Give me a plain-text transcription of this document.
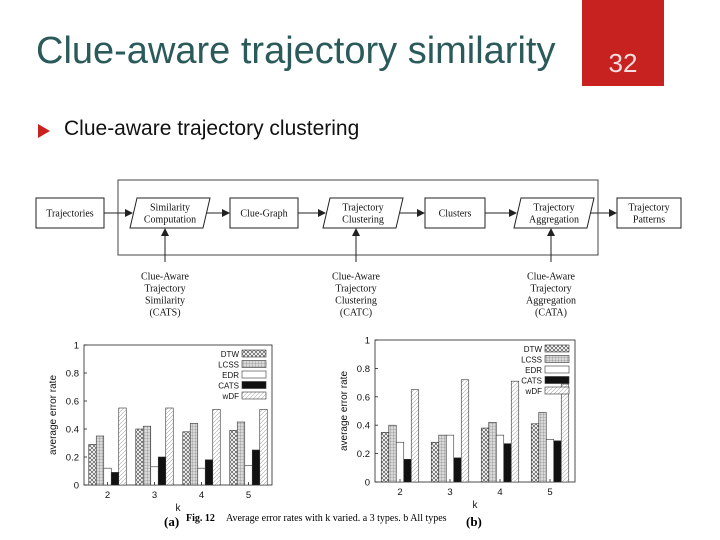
Clue-aware trajectory similarity	32
Clue-aware trajectory clustering
Trajectories
Similarity
Computation
Clue-Graph
Trajectory
Clustering
Clusters
Trajectory
Aggregation
Trajectory
Patterns
Clue-Aware
Trajectory
Similarity
(CATS)
Clue-Aware
Trajectory
Clustering
(CATC)
Clue-Aware
Trajectory
Aggregation
(CATA)
0
0.2
0.4
0.6
0.8
1
average error rate
2	3	4	5
k
DTW
LCSS
EDR
CATS
wDF
0
0.2
0.4
0.6
0.8
1
average error rate
2	3	4	5
k
DTW
LCSS
EDR
CATS
wDF
(a) Fig. 12 Average error rates with k varied. a 3 types. b All types (b)
